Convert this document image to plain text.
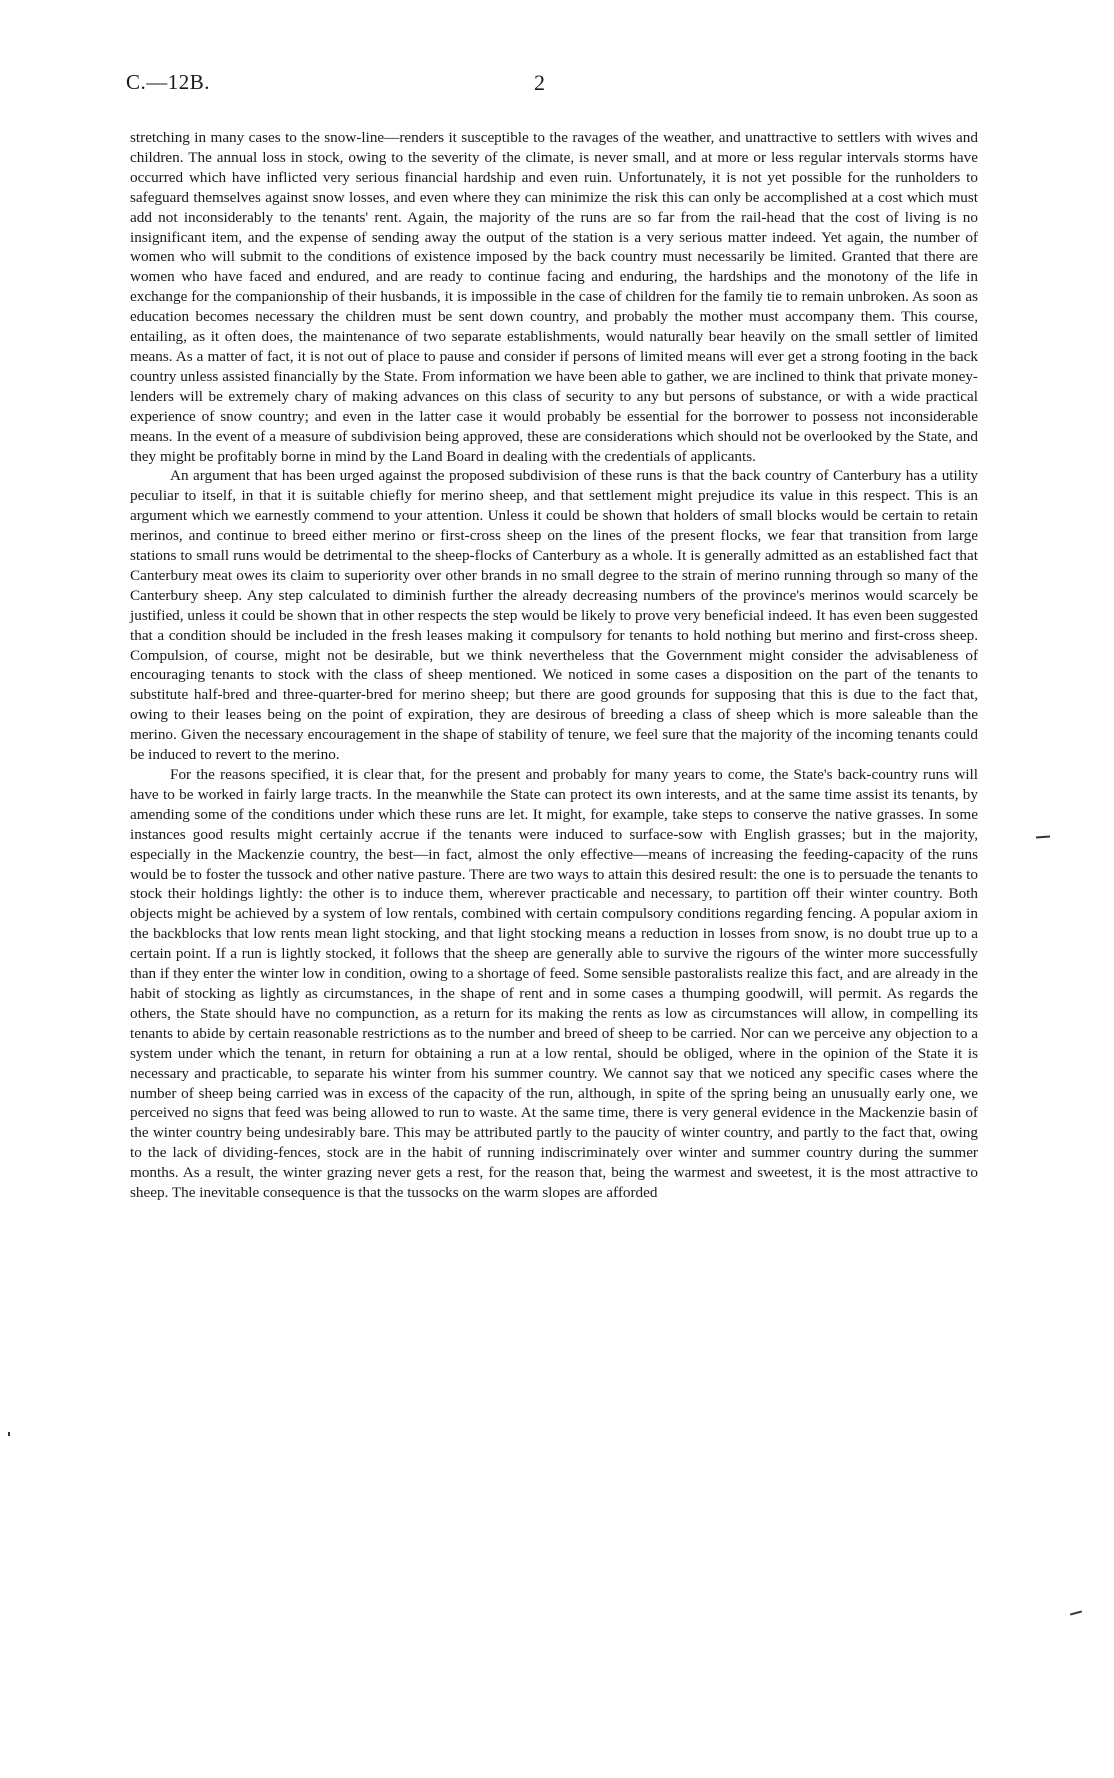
C.—12B.	2

stretching in many cases to the snow-line—renders it susceptible to the ravages of the weather, and unattractive to settlers with wives and children. The annual loss in stock, owing to the severity of the climate, is never small, and at more or less regular intervals storms have occurred which have inflicted very serious financial hardship and even ruin. Unfortunately, it is not yet possible for the runholders to safeguard themselves against snow losses, and even where they can minimize the risk this can only be accomplished at a cost which must add not inconsiderably to the tenants' rent. Again, the majority of the runs are so far from the rail-head that the cost of living is no insignificant item, and the expense of sending away the output of the station is a very serious matter indeed. Yet again, the number of women who will submit to the conditions of existence imposed by the back country must necessarily be limited. Granted that there are women who have faced and endured, and are ready to continue facing and enduring, the hardships and the monotony of the life in exchange for the companionship of their husbands, it is impossible in the case of children for the family tie to remain unbroken. As soon as education becomes necessary the children must be sent down country, and probably the mother must accompany them. This course, entailing, as it often does, the maintenance of two separate establishments, would naturally bear heavily on the small settler of limited means. As a matter of fact, it is not out of place to pause and consider if persons of limited means will ever get a strong footing in the back country unless assisted financially by the State. From information we have been able to gather, we are inclined to think that private money-lenders will be extremely chary of making advances on this class of security to any but persons of substance, or with a wide practical experience of snow country; and even in the latter case it would probably be essential for the borrower to possess not inconsiderable means. In the event of a measure of subdivision being approved, these are considerations which should not be overlooked by the State, and they might be profitably borne in mind by the Land Board in dealing with the credentials of applicants.

An argument that has been urged against the proposed subdivision of these runs is that the back country of Canterbury has a utility peculiar to itself, in that it is suitable chiefly for merino sheep, and that settlement might prejudice its value in this respect. This is an argument which we earnestly commend to your attention. Unless it could be shown that holders of small blocks would be certain to retain merinos, and continue to breed either merino or first-cross sheep on the lines of the present flocks, we fear that transition from large stations to small runs would be detrimental to the sheep-flocks of Canterbury as a whole. It is generally admitted as an established fact that Canterbury meat owes its claim to superiority over other brands in no small degree to the strain of merino running through so many of the Canterbury sheep. Any step calculated to diminish further the already decreasing numbers of the province's merinos would scarcely be justified, unless it could be shown that in other respects the step would be likely to prove very beneficial indeed. It has even been suggested that a condition should be included in the fresh leases making it compulsory for tenants to hold nothing but merino and first-cross sheep. Compulsion, of course, might not be desirable, but we think nevertheless that the Government might consider the advisableness of encouraging tenants to stock with the class of sheep mentioned. We noticed in some cases a disposition on the part of the tenants to substitute half-bred and three-quarter-bred for merino sheep; but there are good grounds for supposing that this is due to the fact that, owing to their leases being on the point of expiration, they are desirous of breeding a class of sheep which is more saleable than the merino. Given the necessary encouragement in the shape of stability of tenure, we feel sure that the majority of the incoming tenants could be induced to revert to the merino.

For the reasons specified, it is clear that, for the present and probably for many years to come, the State's back-country runs will have to be worked in fairly large tracts. In the meanwhile the State can protect its own interests, and at the same time assist its tenants, by amending some of the conditions under which these runs are let. It might, for example, take steps to conserve the native grasses. In some instances good results might certainly accrue if the tenants were induced to surface-sow with English grasses; but in the majority, especially in the Mackenzie country, the best—in fact, almost the only effective—means of increasing the feeding-capacity of the runs would be to foster the tussock and other native pasture. There are two ways to attain this desired result: the one is to persuade the tenants to stock their holdings lightly: the other is to induce them, wherever practicable and necessary, to partition off their winter country. Both objects might be achieved by a system of low rentals, combined with certain compulsory conditions regarding fencing. A popular axiom in the backblocks that low rents mean light stocking, and that light stocking means a reduction in losses from snow, is no doubt true up to a certain point. If a run is lightly stocked, it follows that the sheep are generally able to survive the rigours of the winter more successfully than if they enter the winter low in condition, owing to a shortage of feed. Some sensible pastoralists realize this fact, and are already in the habit of stocking as lightly as circumstances, in the shape of rent and in some cases a thumping goodwill, will permit. As regards the others, the State should have no compunction, as a return for its making the rents as low as circumstances will allow, in compelling its tenants to abide by certain reasonable restrictions as to the number and breed of sheep to be carried. Nor can we perceive any objection to a system under which the tenant, in return for obtaining a run at a low rental, should be obliged, where in the opinion of the State it is necessary and practicable, to separate his winter from his summer country. We cannot say that we noticed any specific cases where the number of sheep being carried was in excess of the capacity of the run, although, in spite of the spring being an unusually early one, we perceived no signs that feed was being allowed to run to waste. At the same time, there is very general evidence in the Mackenzie basin of the winter country being undesirably bare. This may be attributed partly to the paucity of winter country, and partly to the fact that, owing to the lack of dividing-fences, stock are in the habit of running indiscriminately over winter and summer country during the summer months. As a result, the winter grazing never gets a rest, for the reason that, being the warmest and sweetest, it is the most attractive to sheep. The inevitable consequence is that the tussocks on the warm slopes are afforded
